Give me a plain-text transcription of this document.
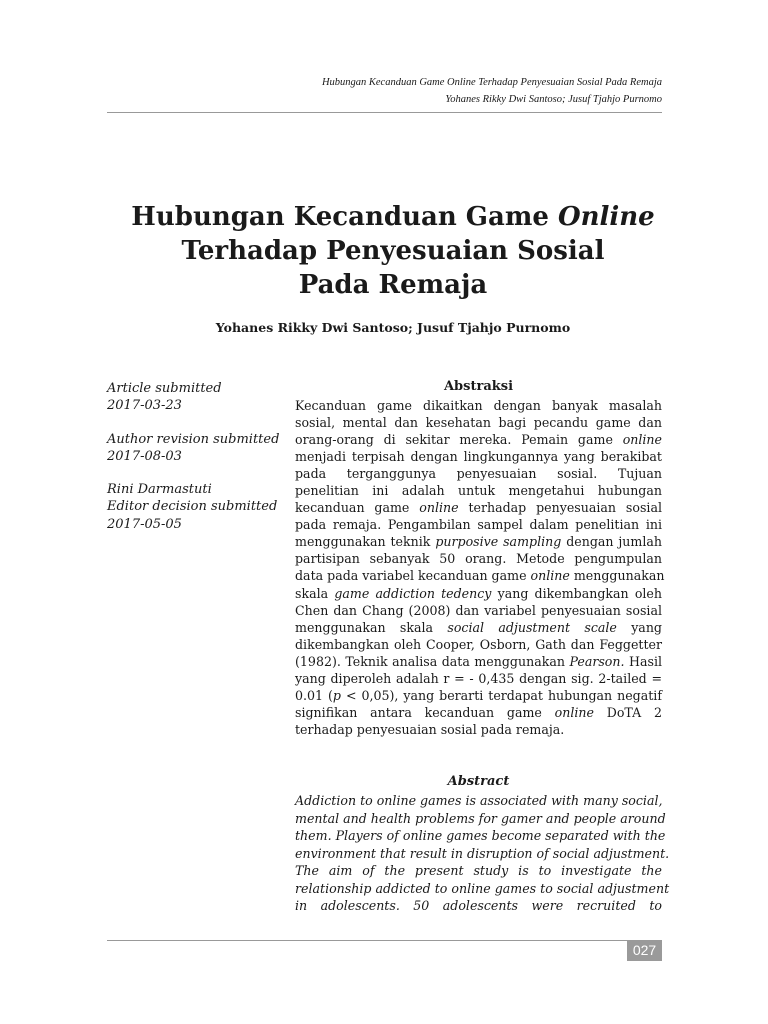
Hubungan Kecanduan Game Online Terhadap Penyesuaian Sosial Pada Remaja
Yohanes Rikky Dwi Santoso; Jusuf Tjahjo Purnomo
Hubungan Kecanduan Game Online
Terhadap Penyesuaian Sosial
Pada Remaja
Yohanes Rikky Dwi Santoso; Jusuf Tjahjo Purnomo
Article submitted
2017-03-23
Author revision submitted
2017-08-03
Rini Darmastuti
Editor decision submitted
2017-05-05
Abstraksi
Kecanduan game dikaitkan dengan banyak masalah
sosial, mental dan kesehatan bagi pecandu game dan
orang-orang di sekitar mereka. Pemain game online
menjadi terpisah dengan lingkungannya yang berakibat
pada terganggunya penyesuaian sosial. Tujuan
penelitian ini adalah untuk mengetahui hubungan
kecanduan game online terhadap penyesuaian sosial
pada remaja. Pengambilan sampel dalam penelitian ini
menggunakan teknik purposive sampling dengan jumlah
partisipan sebanyak 50 orang. Metode pengumpulan
data pada variabel kecanduan game online menggunakan
skala game addiction tedency yang dikembangkan oleh
Chen dan Chang (2008) dan variabel penyesuaian sosial
menggunakan skala social adjustment scale yang
dikembangkan oleh Cooper, Osborn, Gath dan Feggetter
(1982). Teknik analisa data menggunakan Pearson. Hasil
yang diperoleh adalah r = - 0,435 dengan sig. 2-tailed =
0.01 (p < 0,05), yang berarti terdapat hubungan negatif
signifikan antara kecanduan game online DoTA 2
terhadap penyesuaian sosial pada remaja.
Abstract
Addiction to online games is associated with many social,
mental and health problems for gamer and people around
them. Players of online games become separated with the
environment that result in disruption of social adjustment.
The aim of the present study is to investigate the
relationship addicted to online games to social adjustment
in adolescents. 50 adolescents were recruited to
027
